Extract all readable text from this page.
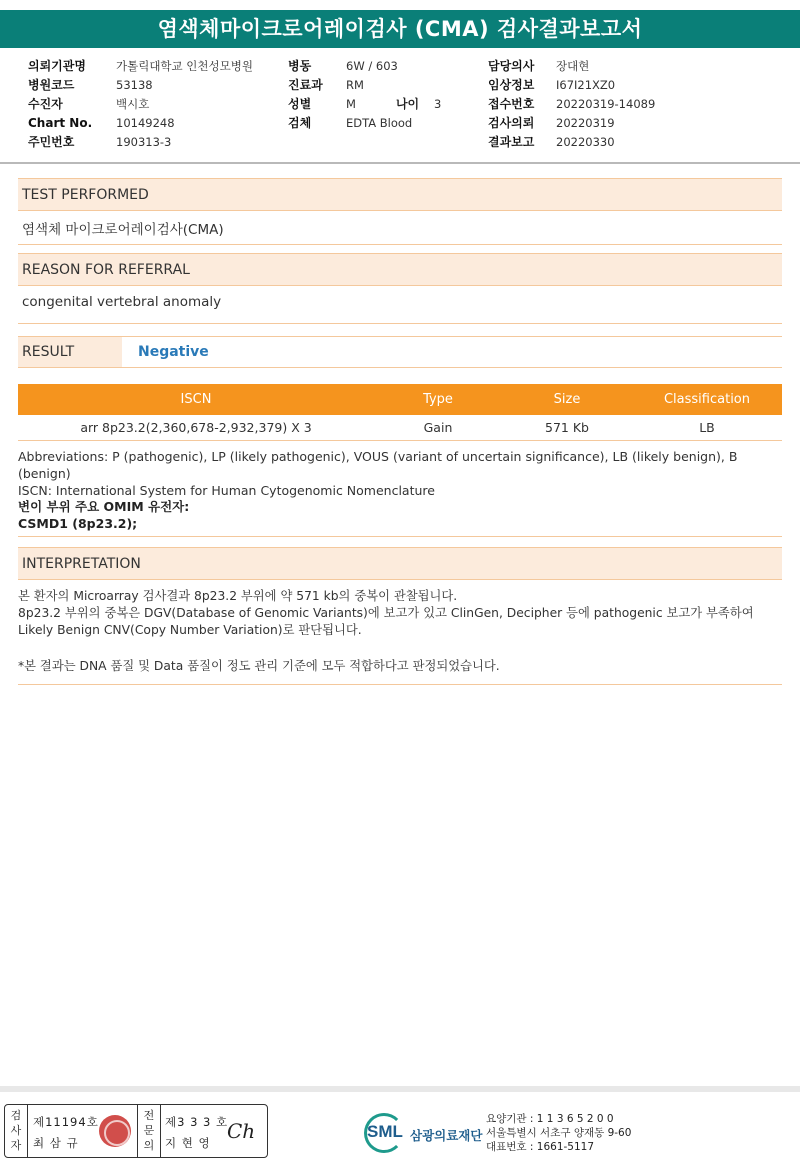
염색체마이크로어레이검사 (CMA) 검사결과보고서
의뢰기관명	가톨릭대학교 인천성모병원
병원코드	53138
수진자	백시호
Chart No.	10149248
주민번호	190313-3
병동	6W / 603
진료과	RM
성별	M	나이	3
검체	EDTA Blood
담당의사	장대현
임상정보	I67I21XZ0
접수번호	20220319-14089
검사의뢰	20220319
결과보고	20220330
TEST PERFORMED
염색체 마이크로어레이검사(CMA)
REASON FOR REFERRAL
congenital vertebral anomaly
RESULT	Negative
ISCN	Type	Size	Classification
arr 8p23.2(2,360,678-2,932,379) X 3	Gain	571 Kb	LB
Abbreviations: P (pathogenic), LP (likely pathogenic), VOUS (variant of uncertain significance), LB (likely benign), B (benign)
ISCN: International System for Human Cytogenomic Nomenclature
변이 부위 주요 OMIM 유전자:
CSMD1 (8p23.2);
INTERPRETATION

본 환자의 Microarray 검사결과 8p23.2 부위에 약 571 kb의 중복이 관찰됩니다.

8p23.2 부위의 중복은 DGV(Database of Genomic Variants)에 보고가 있고 ClinGen, Decipher 등에 pathogenic 보고가 부족하여 Likely Benign CNV(Copy Number Variation)로 판단됩니다.

*본 결과는 DNA 품질 및 Data 품질이 정도 관리 기준에 모두 적합하다고 판정되었습니다.
검사자
제11194호
최 삼 규
전문의
제3 3 3 호
지 현 영 Ch	SML 삼광의료재단
요양기관 : 1 1 3 6 5 2 0 0
서울특별시 서초구 양재동 9-60
대표번호 : 1661-5117
